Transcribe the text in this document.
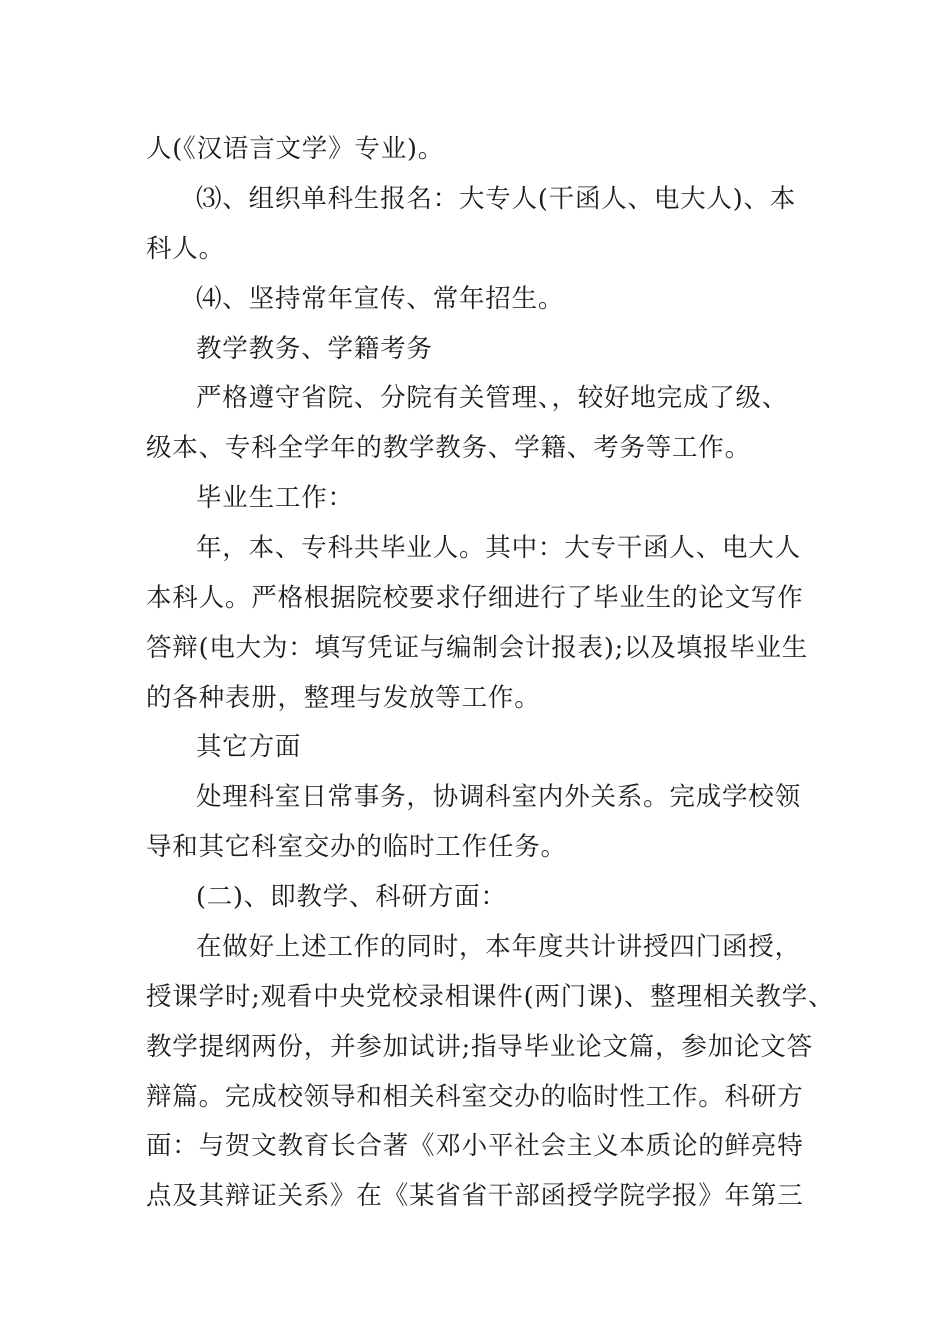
人(《汉语言文学》专业)。
⑶、组织单科生报名：大专人(干函人、电大人)、本
科人。
⑷、坚持常年宣传、常年招生。
教学教务、学籍考务
严格遵守省院、分院有关管理、，较好地完成了级、
级本、专科全学年的教学教务、学籍、考务等工作。
毕业生工作：
年，本、专科共毕业人。其中：大专干函人、电大人
本科人。严格根据院校要求仔细进行了毕业生的论文写作
答辩(电大为：填写凭证与编制会计报表);以及填报毕业生
的各种表册，整理与发放等工作。
其它方面
处理科室日常事务，协调科室内外关系。完成学校领
导和其它科室交办的临时工作任务。
(二)、即教学、科研方面：
在做好上述工作的同时，本年度共计讲授四门函授，
授课学时;观看中央党校录相课件(两门课)、整理相关教学、
教学提纲两份，并参加试讲;指导毕业论文篇，参加论文答
辩篇。完成校领导和相关科室交办的临时性工作。科研方
面：与贺文教育长合著《邓小平社会主义本质论的鲜亮特
点及其辩证关系》在《某省省干部函授学院学报》年第三
